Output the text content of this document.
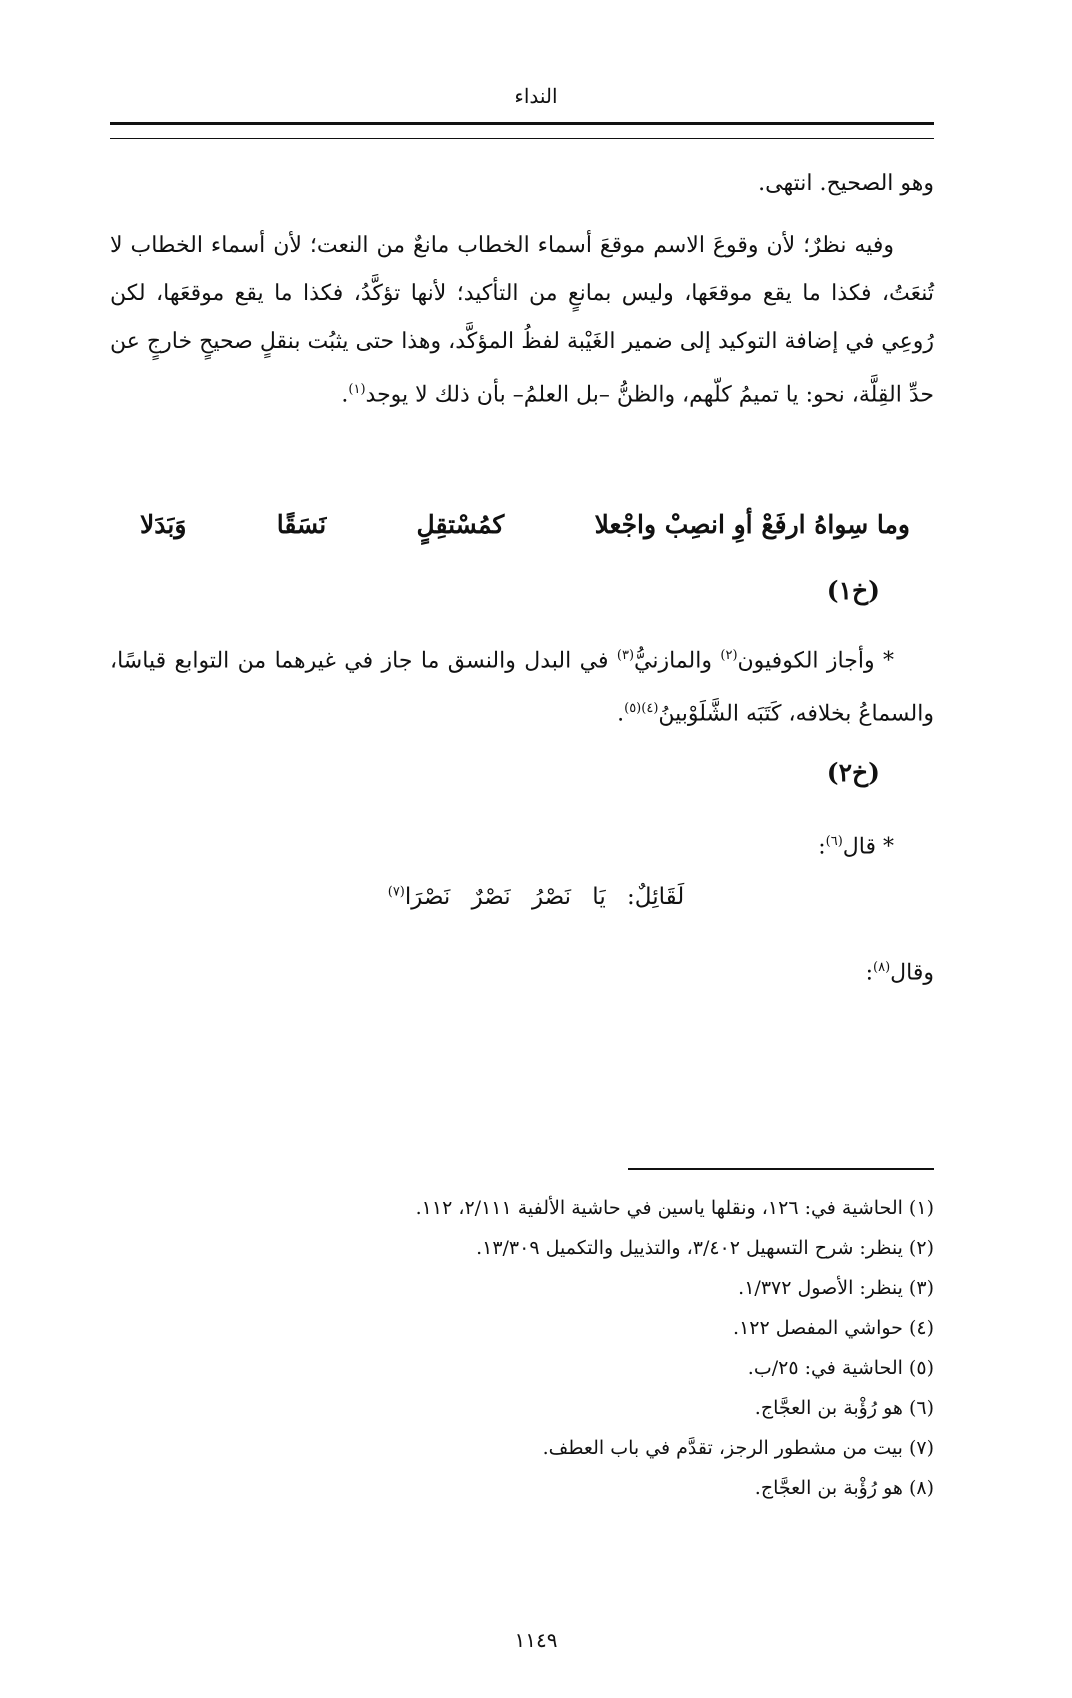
النداء

وهو الصحيح. انتهى.

وفيه نظرٌ؛ لأن وقوعَ الاسم موقعَ أسماء الخطاب مانعٌ من النعت؛ لأن أسماء الخطاب لا تُنعَتُ، فكذا ما يقع موقعَها، وليس بمانعٍ من التأكيد؛ لأنها تؤكَّدُ، فكذا ما يقع موقعَها، لكن رُوعِي في إضافة التوكيد إلى ضمير الغَيْبة لفظُ المؤكَّد، وهذا حتى يثبُت بنقلٍ صحيحٍ خارجٍ عن حدِّ القِلَّة، نحو: يا تميمُ كلّهم، والظنُّ –بل العلمُ– بأن ذلك لا يوجد$^{(١)}$.

وما سِواهُ ارفَعْ أوِ انصِبْ واجْعلا
كمُسْتقِلٍ
نَسَقًا
وَبَدَلا
(خ١)

* وأجاز الكوفيون$^{(٢)}$ والمازنيُّ$^{(٣)}$ في البدل والنسق ما جاز في غيرهما من التوابع قياسًا، والسماعُ بخلافه، كَتَبَه الشَّلَوْبينُ$^{(٤)(٥)}$.

(خ٢)

* قال$^{(٦)}$:

لَقَائِلٌ: يَا نَصْرُ نَصْرٌ نَصْرَا$^{(٧)}$

وقال$^{(٨)}$:

(١) الحاشية في: ١٢٦، ونقلها ياسين في حاشية الألفية ٢/١١١، ١١٢.
(٢) ينظر: شرح التسهيل ٣/٤٠٢، والتذييل والتكميل ١٣/٣٠٩.
(٣) ينظر: الأصول ١/٣٧٢.
(٤) حواشي المفصل ١٢٢.
(٥) الحاشية في: ٢٥/ب.
(٦) هو رُؤْبة بن العجَّاج.
(٧) بيت من مشطور الرجز، تقدَّم في باب العطف.
(٨) هو رُؤْبة بن العجَّاج.
١١٤٩
